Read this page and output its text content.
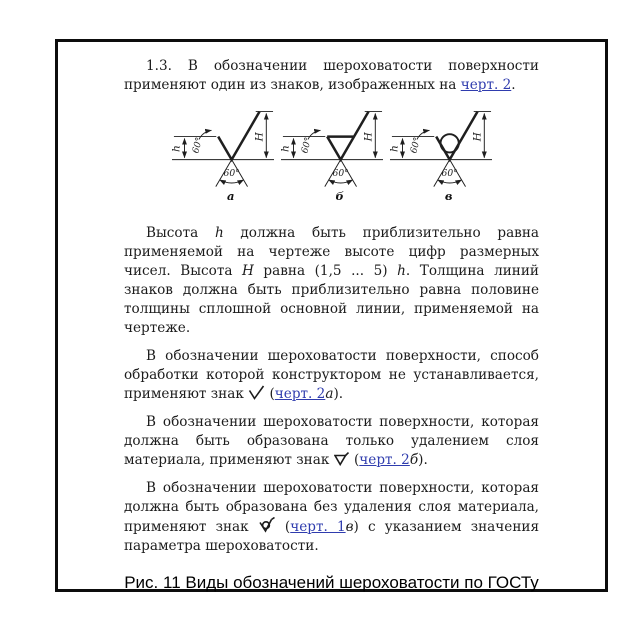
1.3. В обозначении шероховатости поверхности применяют один из знаков, изображенных на черт. 2.

h 60°	H
60°
а
h 60°	H
60°
б
h 60°	H
60°
в

Высота h должна быть приблизительно равна применяемой на чертеже высоте цифр размерных чисел. Высота H равна (1,5 ... 5) h. Толщина линий знаков должна быть приблизительно равна половине толщины сплошной основной линии, применяемой на чертеже.

В обозначении шероховатости поверхности, способ обработки которой конструктором не устанавливается, применяют знак  (черт. 2а).

В обозначении шероховатости поверхности, которая должна быть образована только удалением слоя материала, применяют знак  (черт. 2б).

В обозначении шероховатости поверхности, которая должна быть образована без удаления слоя материала, применяют знак  (черт. 1в) с указанием значения параметра шероховатости.

Рис. 11 Виды обозначений шероховатости по ГОСТу
